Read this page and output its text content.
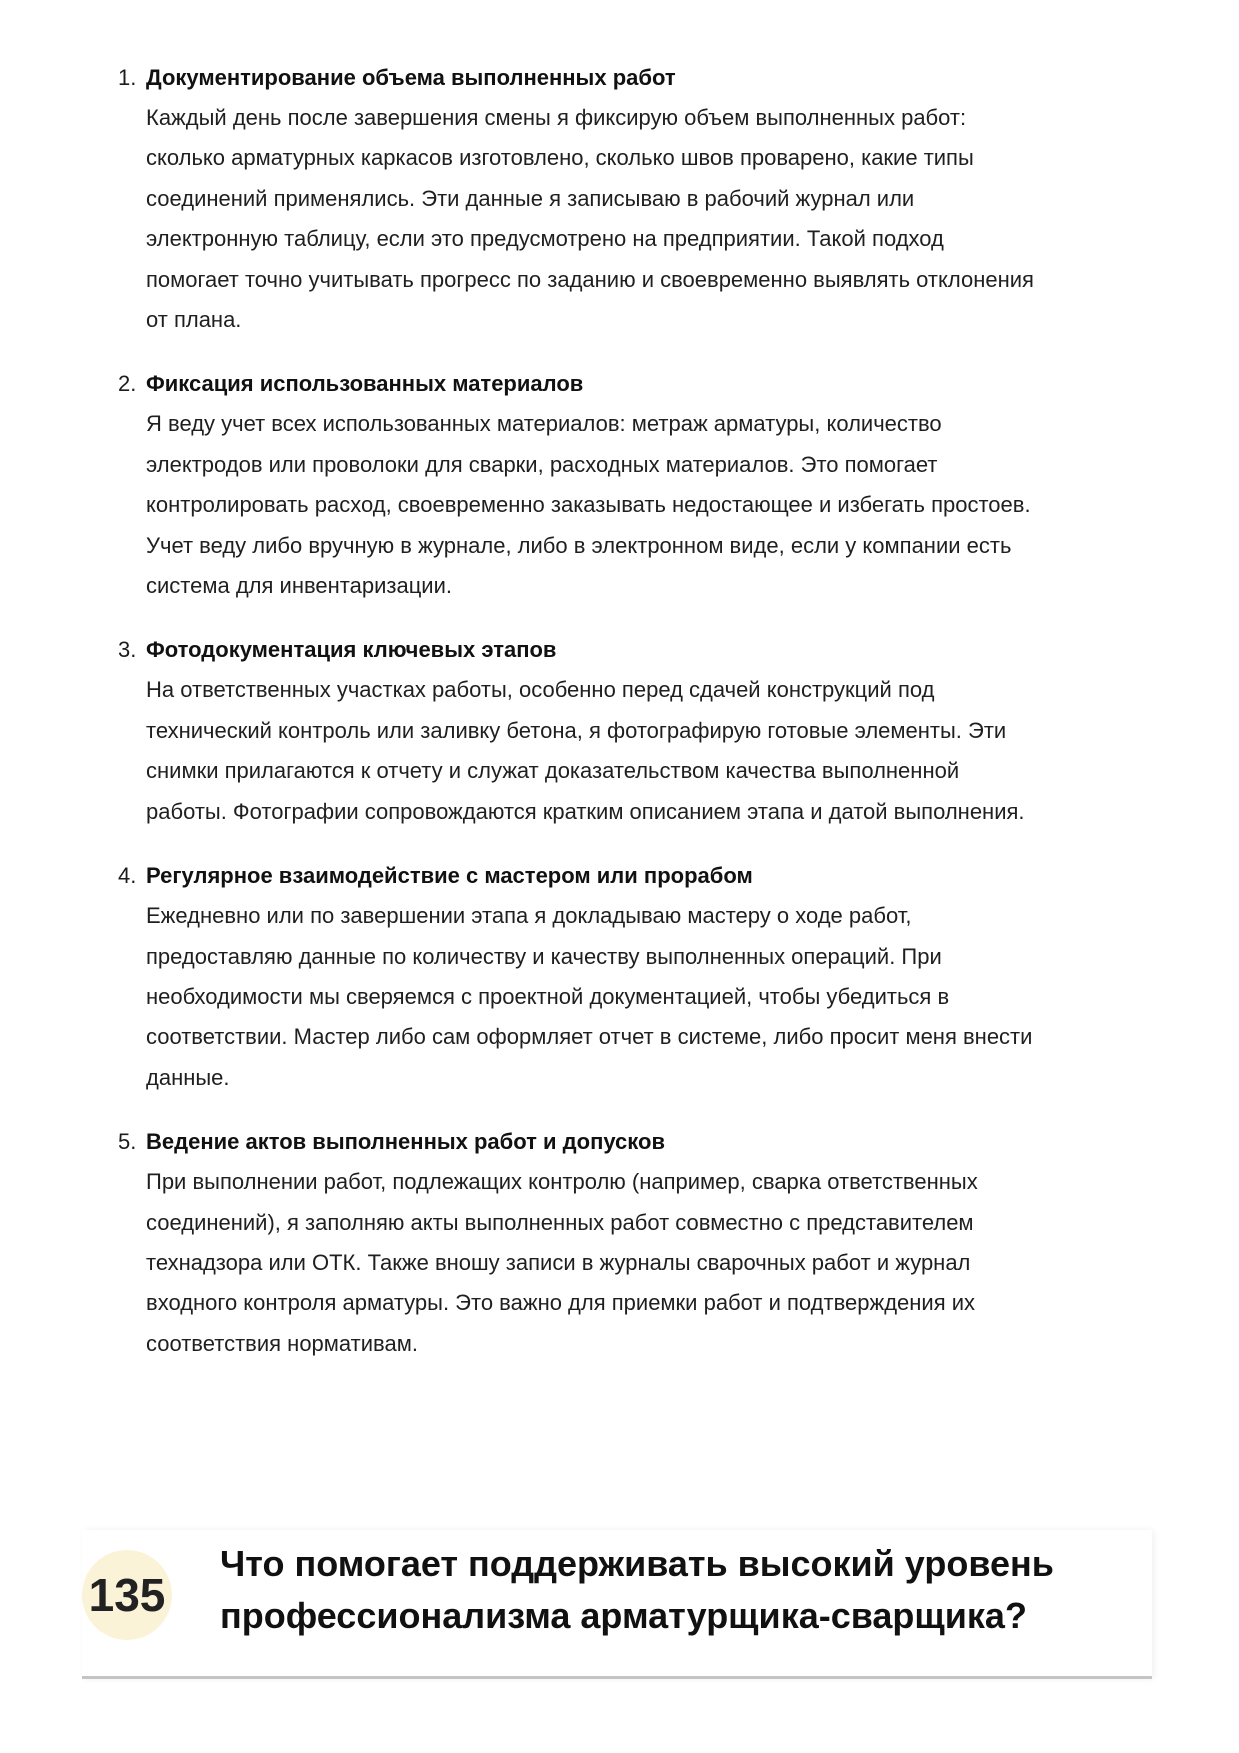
1. Документирование объема выполненных работ
Каждый день после завершения смены я фиксирую объем выполненных работ:
сколько арматурных каркасов изготовлено, сколько швов проварено, какие типы
соединений применялись. Эти данные я записываю в рабочий журнал или
электронную таблицу, если это предусмотрено на предприятии. Такой подход
помогает точно учитывать прогресс по заданию и своевременно выявлять отклонения
от плана.
2. Фиксация использованных материалов
Я веду учет всех использованных материалов: метраж арматуры, количество
электродов или проволоки для сварки, расходных материалов. Это помогает
контролировать расход, своевременно заказывать недостающее и избегать простоев.
Учет веду либо вручную в журнале, либо в электронном виде, если у компании есть
система для инвентаризации.
3. Фотодокументация ключевых этапов
На ответственных участках работы, особенно перед сдачей конструкций под
технический контроль или заливку бетона, я фотографирую готовые элементы. Эти
снимки прилагаются к отчету и служат доказательством качества выполненной
работы. Фотографии сопровождаются кратким описанием этапа и датой выполнения.
4. Регулярное взаимодействие с мастером или прорабом
Ежедневно или по завершении этапа я докладываю мастеру о ходе работ,
предоставляю данные по количеству и качеству выполненных операций. При
необходимости мы сверяемся с проектной документацией, чтобы убедиться в
соответствии. Мастер либо сам оформляет отчет в системе, либо просит меня внести
данные.
5. Ведение актов выполненных работ и допусков
При выполнении работ, подлежащих контролю (например, сварка ответственных
соединений), я заполняю акты выполненных работ совместно с представителем
технадзора или ОТК. Также вношу записи в журналы сварочных работ и журнал
входного контроля арматуры. Это важно для приемки работ и подтверждения их
соответствия нормативам.
135
Что помогает поддерживать высокий уровень
профессионализма арматурщика-сварщика?
